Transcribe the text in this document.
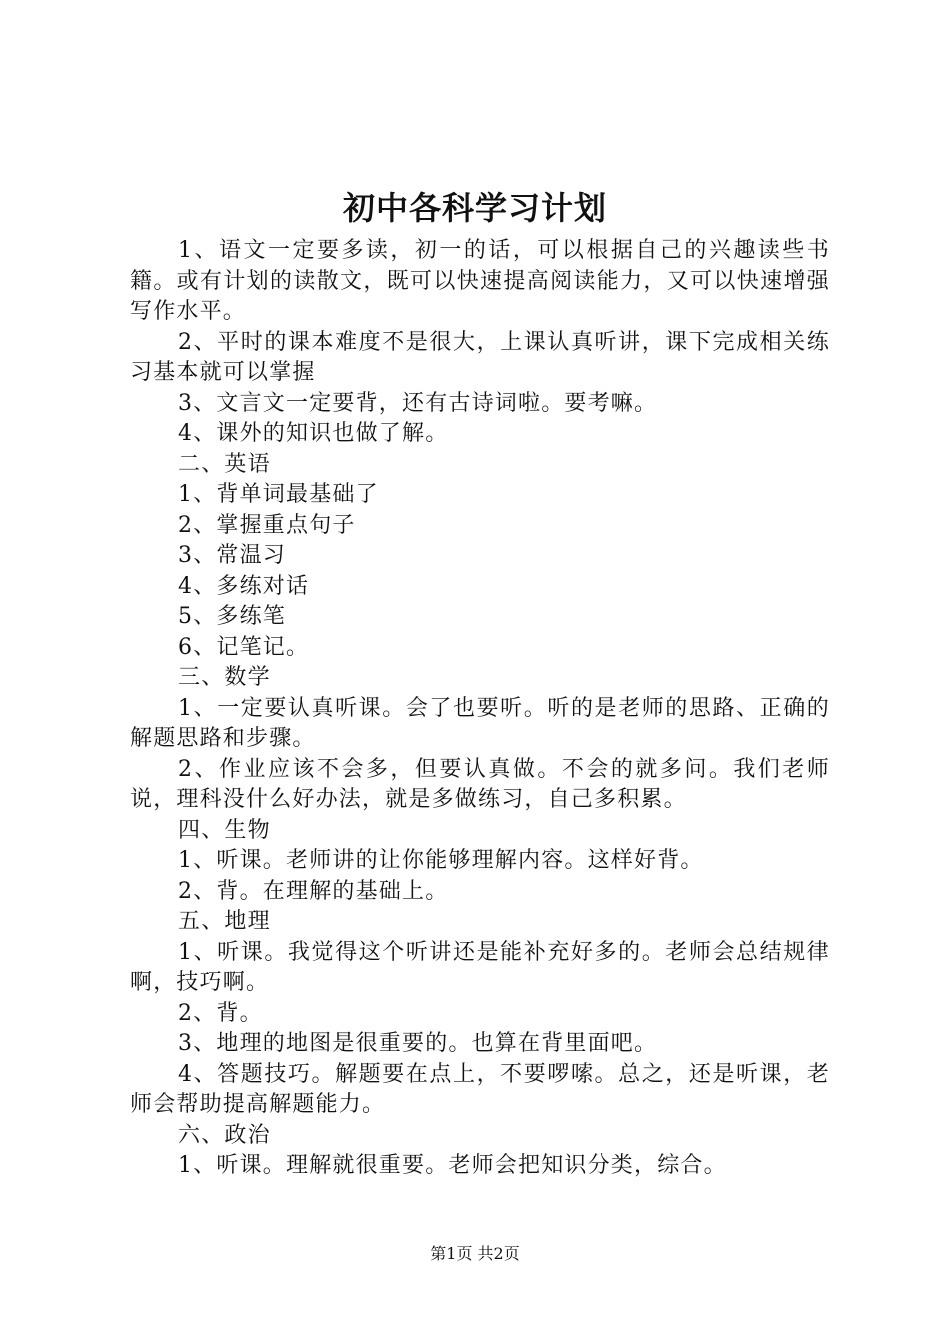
初中各科学习计划

1、语文一定要多读，初一的话，可以根据自己的兴趣读些书籍。或有计划的读散文，既可以快速提高阅读能力，又可以快速增强写作水平。

2、平时的课本难度不是很大，上课认真听讲，课下完成相关练习基本就可以掌握

3、文言文一定要背，还有古诗词啦。要考嘛。

4、课外的知识也做了解。

二、英语

1、背单词最基础了

2、掌握重点句子

3、常温习

4、多练对话

5、多练笔

6、记笔记。

三、数学

1、一定要认真听课。会了也要听。听的是老师的思路、正确的解题思路和步骤。

2、作业应该不会多，但要认真做。不会的就多问。我们老师说，理科没什么好办法，就是多做练习，自己多积累。

四、生物

1、听课。老师讲的让你能够理解内容。这样好背。

2、背。在理解的基础上。

五、地理

1、听课。我觉得这个听讲还是能补充好多的。老师会总结规律啊，技巧啊。

2、背。

3、地理的地图是很重要的。也算在背里面吧。

4、答题技巧。解题要在点上，不要啰嗦。总之，还是听课，老师会帮助提高解题能力。

六、政治

1、听课。理解就很重要。老师会把知识分类，综合。

第1页 共2页
